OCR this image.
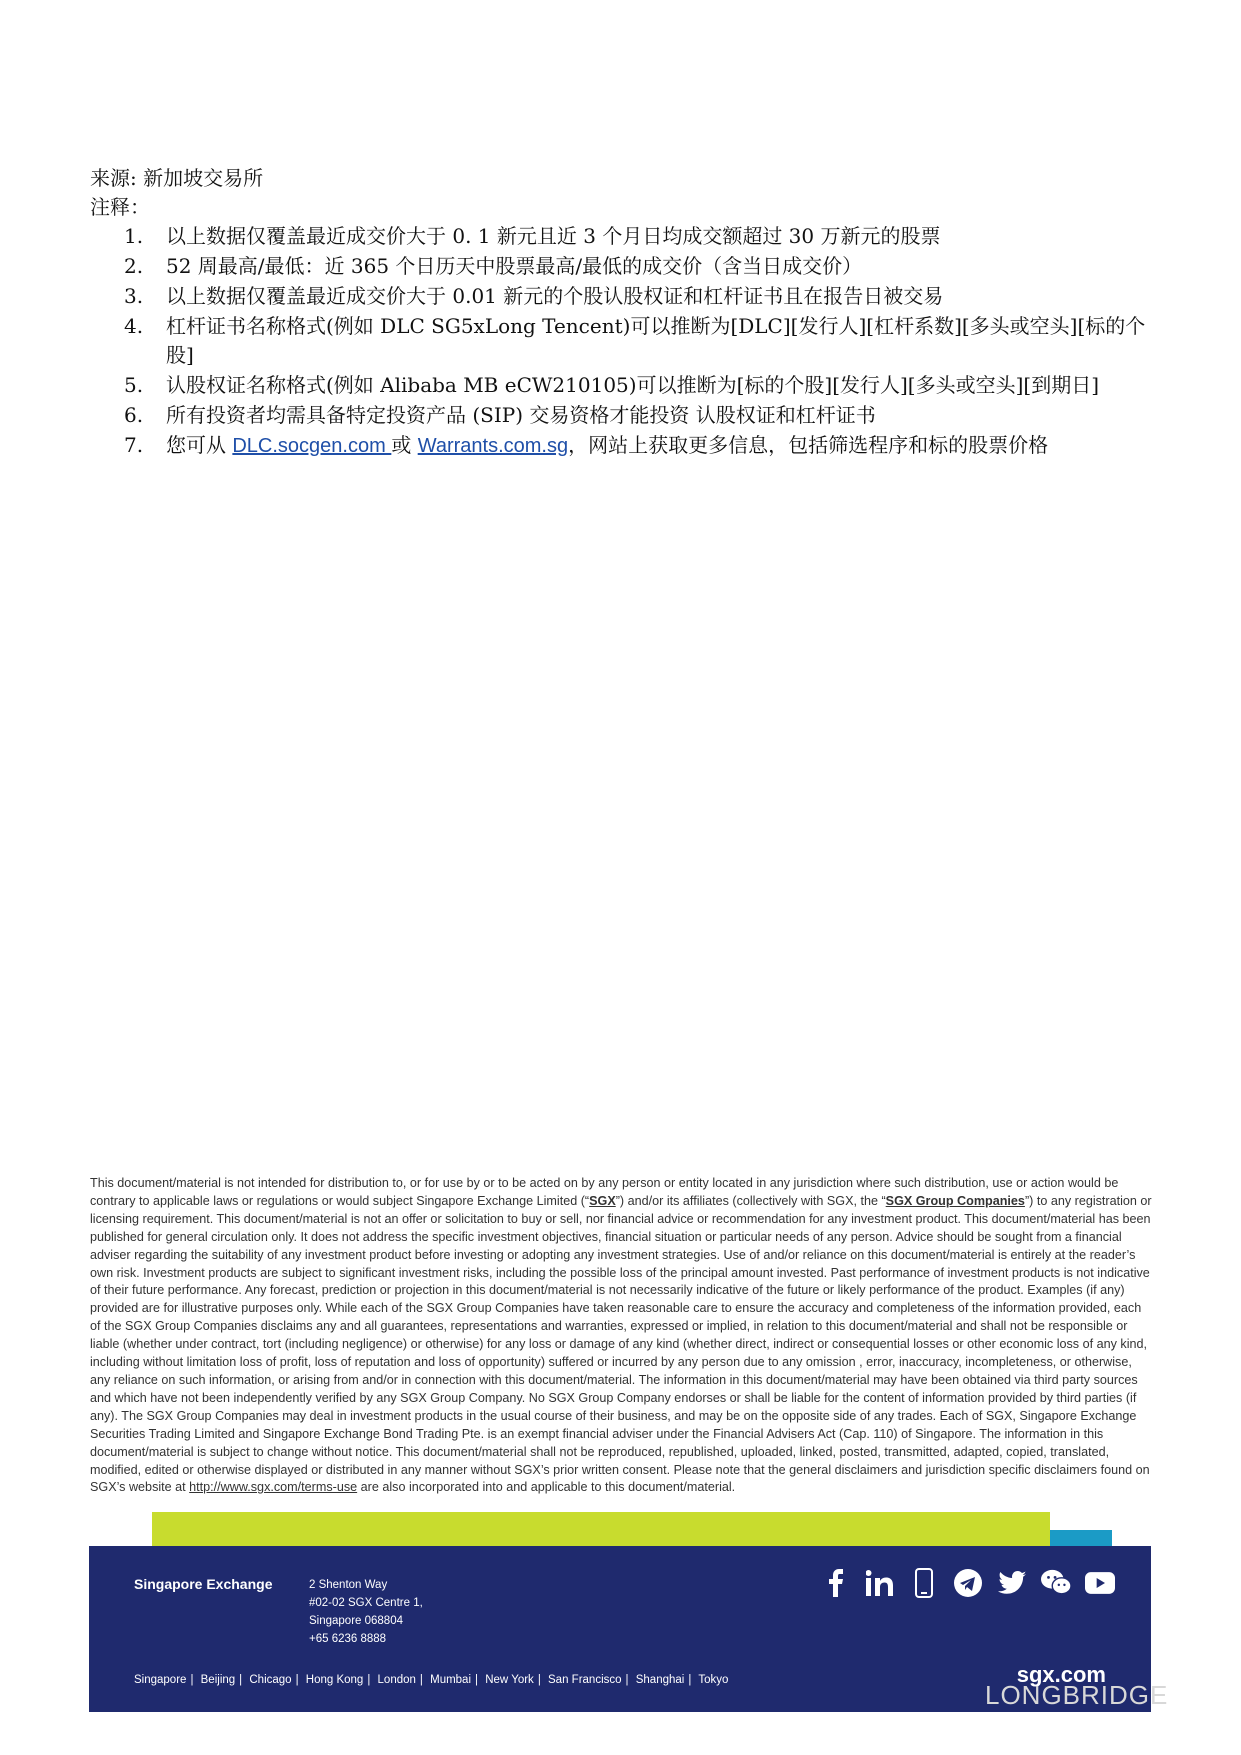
来源: 新加坡交易所
注释：
1. 以上数据仅覆盖最近成交价大于 0. 1 新元且近 3 个月日均成交额超过 30 万新元的股票
2. 52 周最高/最低：近 365 个日历天中股票最高/最低的成交价（含当日成交价）
3. 以上数据仅覆盖最近成交价大于 0.01 新元的个股认股权证和杠杆证书且在报告日被交易
4. 杠杆证书名称格式(例如 DLC SG5xLong Tencent)可以推断为[DLC][发行人][杠杆系数][多头或空头][标的个股]
5. 认股权证名称格式(例如 Alibaba MB eCW210105)可以推断为[标的个股][发行人][多头或空头][到期日]
6. 所有投资者均需具备特定投资产品 (SIP) 交易资格才能投资 认股权证和杠杆证书
7. 您可从 DLC.socgen.com 或 Warrants.com.sg，网站上获取更多信息，包括筛选程序和标的股票价格
This document/material is not intended for distribution to, or for use by or to be acted on by any person or entity located in any jurisdiction where such distribution, use or action would be contrary to applicable laws or regulations or would subject Singapore Exchange Limited (“SGX”) and/or its affiliates (collectively with SGX, the “SGX Group Companies”) to any registration or licensing requirement. This document/material is not an offer or solicitation to buy or sell, nor financial advice or recommendation for any investment product. This document/material has been published for general circulation only. It does not address the specific investment objectives, financial situation or particular needs of any person. Advice should be sought from a financial adviser regarding the suitability of any investment product before investing or adopting any investment strategies. Use of and/or reliance on this document/material is entirely at the reader’s own risk. Investment products are subject to significant investment risks, including the possible loss of the principal amount invested. Past performance of investment products is not indicative of their future performance. Any forecast, prediction or projection in this document/material is not necessarily indicative of the future or likely performance of the product. Examples (if any) provided are for illustrative purposes only. While each of the SGX Group Companies have taken reasonable care to ensure the accuracy and completeness of the information provided, each of the SGX Group Companies disclaims any and all guarantees, representations and warranties, expressed or implied, in relation to this document/material and shall not be responsible or liable (whether under contract, tort (including negligence) or otherwise) for any loss or damage of any kind (whether direct, indirect or consequential losses or other economic loss of any kind, including without limitation loss of profit, loss of reputation and loss of opportunity) suffered or incurred by any person due to any omission , error, inaccuracy, incompleteness, or otherwise, any reliance on such information, or arising from and/or in connection with this document/material. The information in this document/material may have been obtained via third party sources and which have not been independently verified by any SGX Group Company. No SGX Group Company endorses or shall be liable for the content of information provided by third parties (if any). The SGX Group Companies may deal in investment products in the usual course of their business, and may be on the opposite side of any trades. Each of SGX, Singapore Exchange Securities Trading Limited and Singapore Exchange Bond Trading Pte. is an exempt financial adviser under the Financial Advisers Act (Cap. 110) of Singapore. The information in this document/material is subject to change without notice. This document/material shall not be reproduced, republished, uploaded, linked, posted, transmitted, adapted, copied, translated, modified, edited or otherwise displayed or distributed in any manner without SGX’s prior written consent. Please note that the general disclaimers and jurisdiction specific disclaimers found on SGX’s website at http://www.sgx.com/terms-use are also incorporated into and applicable to this document/material.
Singapore Exchange	2 Shenton Way
#02-02 SGX Centre 1,
Singapore 068804
+65 6236 8888
Singapore | Beijing | Chicago | Hong Kong | London | Mumbai | New York | San Francisco | Shanghai | Tokyo	sgx.com
LONGBRIDGE
